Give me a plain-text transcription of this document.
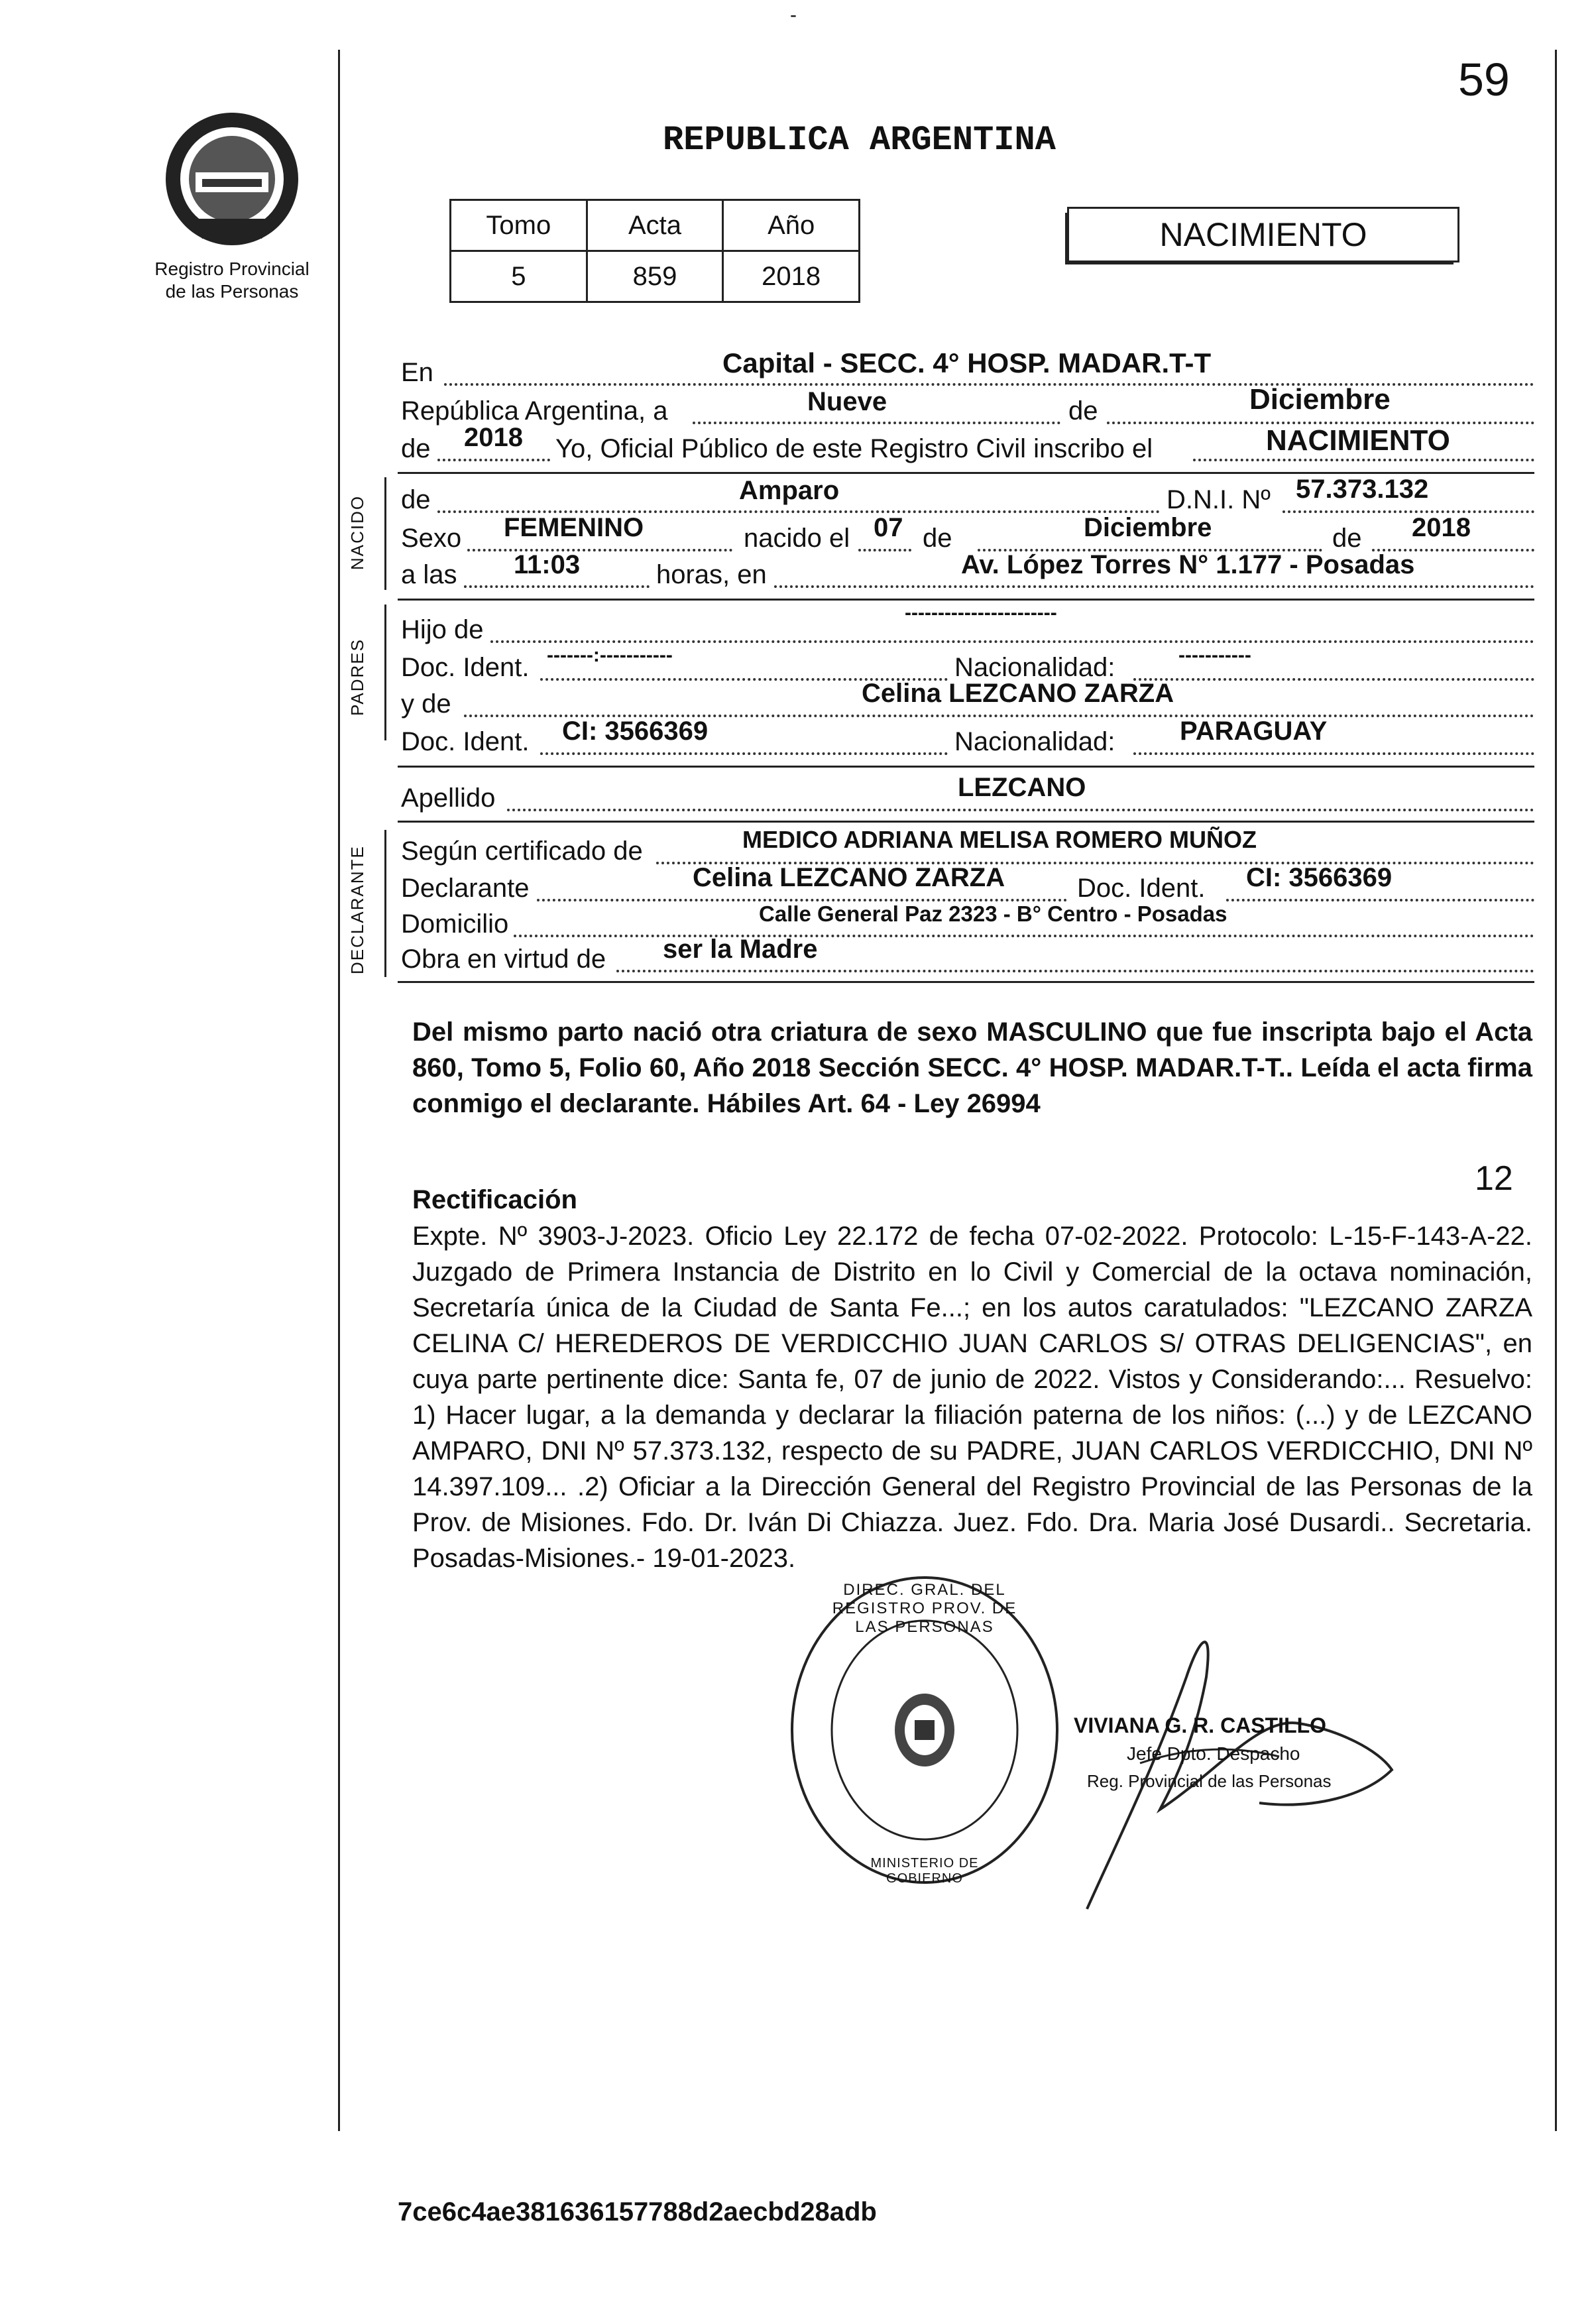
-
59
Registro Provincial
de las Personas
REPUBLICA ARGENTINA
Tomo	Acta	Año
5	859	2018
NACIMIENTO
En	Capital - SECC. 4° HOSP. MADAR.T-T
República Argentina, a	Nueve	de	Diciembre
de 2018 Yo, Oficial Público de este Registro Civil inscribo el	NACIMIENTO
NACIDO de	Amparo	D.N.I. Nº 57.373.132
Sexo FEMENINO	nacido el 07 de	Diciembre	de 2018
a las 11:03	horas, en	Av. López Torres N° 1.177 - Posadas
PADRES
Hijo de
-----------------------
Doc. Ident. -------:-----------	Nacionalidad:	-----------
y de	Celina LEZCANO ZARZA
Doc. Ident. CI: 3566369	Nacionalidad: PARAGUAY
Apellido	LEZCANO
DECLARANTE Según certificado de	MEDICO ADRIANA MELISA ROMERO MUÑOZ
Declarante	Celina LEZCANO ZARZA	Doc. Ident. CI: 3566369
Domicilio	Calle General Paz 2323 - B° Centro - Posadas
Obra en virtud de ser la Madre
Del mismo parto nació otra criatura de sexo MASCULINO que fue inscripta bajo el Acta 860, Tomo 5, Folio 60, Año 2018 Sección SECC. 4° HOSP. MADAR.T-T.. Leída el acta firma conmigo el declarante. Hábiles Art. 64 - Ley 26994
12
Rectificación
Expte. Nº 3903-J-2023. Oficio Ley 22.172 de fecha 07-02-2022. Protocolo: L-15-F-143-A-22. Juzgado de Primera Instancia de Distrito en lo Civil y Comercial de la octava nominación, Secretaría única de la Ciudad de Santa Fe...; en los autos caratulados: "LEZCANO ZARZA CELINA C/ HEREDEROS DE VERDICCHIO JUAN CARLOS S/ OTRAS DELIGENCIAS", en cuya parte pertinente dice: Santa fe, 07 de junio de 2022. Vistos y Considerando:... Resuelvo: 1) Hacer lugar, a la demanda y declarar la filiación paterna de los niños: (...) y de LEZCANO AMPARO, DNI Nº 57.373.132, respecto de su PADRE, JUAN CARLOS VERDICCHIO, DNI Nº 14.397.109... .2) Oficiar a la Dirección General del Registro Provincial de las Personas de la Prov. de Misiones. Fdo. Dr. Iván Di Chiazza. Juez. Fdo. Dra. Maria José Dusardi.. Secretaria. Posadas-Misiones.- 19-01-2023.
DIREC. GRAL. DEL REGISTRO PROV. DE LAS PERSONAS
MINISTERIO DE GOBIERNO
VIVIANA G. R. CASTILLO
Jefe Dpto. Despacho
Reg. Provincial de las Personas
7ce6c4ae381636157788d2aecbd28adb
